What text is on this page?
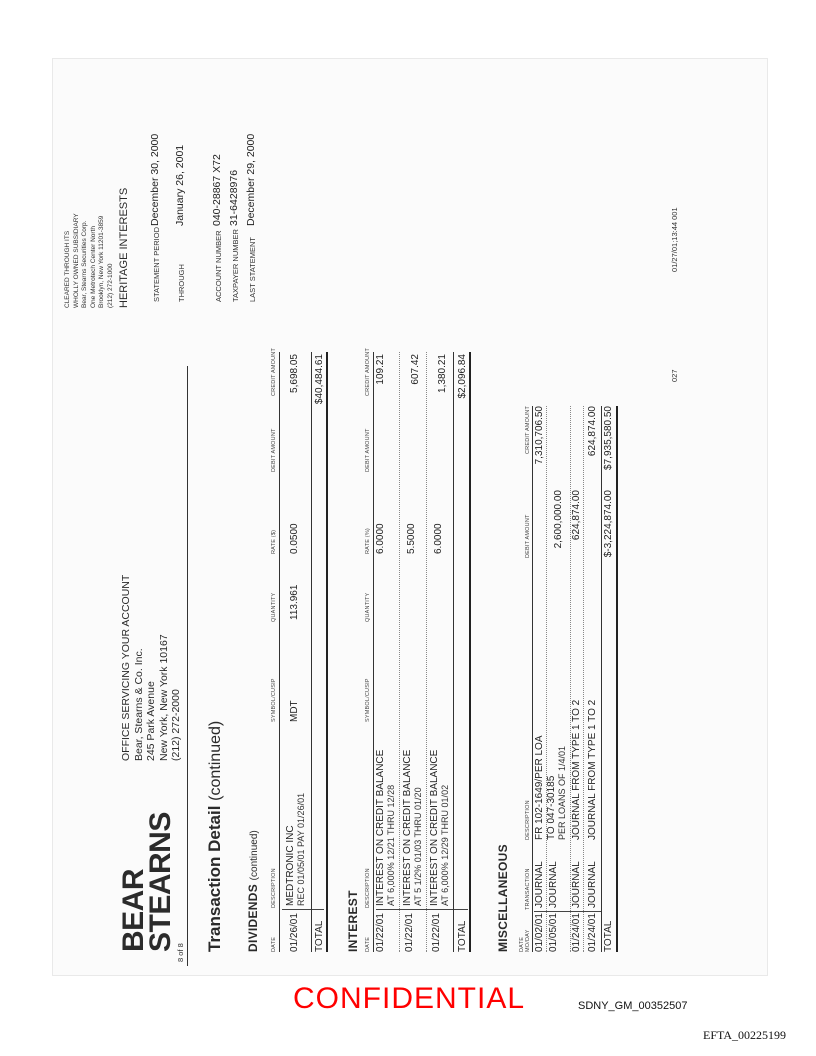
BEAR
STEARNS
OFFICE SERVICING YOUR ACCOUNT Bear, Stearns & Co. Inc. 245 Park Avenue New York, New York 10167 (212) 272-2000
CLEARED THROUGH ITS WHOLLY OWNED SUBSIDIARY Bear, Stearns Securities Corp. One Metrotech Center North Brooklyn, New York 11201-3859 (212) 272-1000 HERITAGE INTERESTS
8 of 8
STATEMENT PERIOD
December 30, 2000
THROUGH
January 26, 2001
ACCOUNT NUMBER
040-28867 X72
TAXPAYER NUMBER
31-6428976
LAST STATEMENT
December 29, 2000
Transaction Detail (continued)
DIVIDENDS (continued)
DATE
DESCRIPTION
SYMBOL/CUSIP
QUANTITY
RATE ($)
DEBIT AMOUNT
CREDIT AMOUNT
01/26/01
MEDTRONIC INC REC 01/05/01 PAY 01/26/01
MDT
113.961
0.0500
5,698.05
TOTAL
$40,484.61
INTEREST DATE
DESCRIPTION
SYMBOL/CUSIP
QUANTITY
RATE (%)
DEBIT AMOUNT
CREDIT AMOUNT
01/22/01
INTEREST ON CREDIT BALANCE AT 6,000% 12/21 THRU 12/28
6.0000
109.21
01/22/01
INTEREST ON CREDIT BALANCE AT 5 1/2% 01/03 THRU 01/20
5.5000
607.42
01/22/01
INTEREST ON CREDIT BALANCE AT 6,000% 12/29 THRU 01/02
6.0000
1,380.21
TOTAL
$2,096.84
MISCELLANEOUS DATE MO/DAY
TRANSACTION
DESCRIPTION
DEBIT AMOUNT
CREDIT AMOUNT
01/02/01
JOURNAL
FR 102-1649/PER LOA
7,310,706.50
01/05/01
JOURNAL
TO 047-30185 PER LOANS OF 1/4/01
2,600,000.00
01/24/01
JOURNAL
JOURNAL FROM TYPE 1 TO 2
624,874.00
01/24/01
JOURNAL
JOURNAL FROM TYPE 1 TO 2
624,874.00
TOTAL
$-3,224,874.00
$7,935,580.50
027
01/27/01;13:44 001
CONFIDENTIAL	SDNY_GM_00352507
EFTA_00225199
